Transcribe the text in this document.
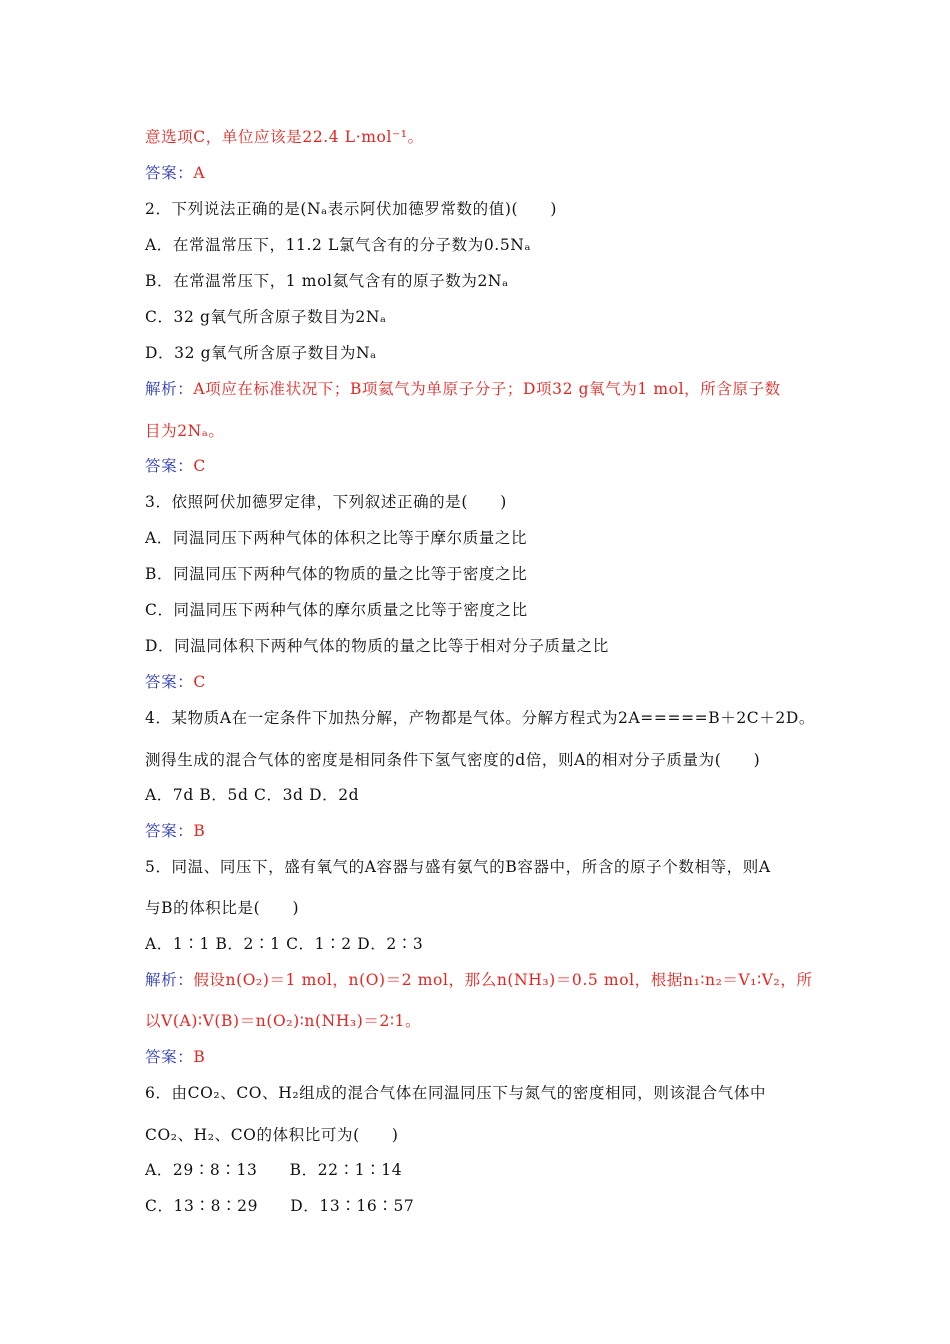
意选项C，单位应该是22.4 L·mol⁻¹。
答案：A
2．下列说法正确的是(Nₐ表示阿伏加德罗常数的值)(　　)
A．在常温常压下，11.2 L氯气含有的分子数为0.5Nₐ
B．在常温常压下，1 mol氦气含有的原子数为2Nₐ
C．32 g氧气所含原子数目为2Nₐ
D．32 g氧气所含原子数目为Nₐ
解析：A项应在标准状况下；B项氦气为单原子分子；D项32 g氧气为1 mol，所含原子数
目为2Nₐ。
答案：C
3．依照阿伏加德罗定律，下列叙述正确的是(　　)
A．同温同压下两种气体的体积之比等于摩尔质量之比
B．同温同压下两种气体的物质的量之比等于密度之比
C．同温同压下两种气体的摩尔质量之比等于密度之比
D．同温同体积下两种气体的物质的量之比等于相对分子质量之比
答案：C
4．某物质A在一定条件下加热分解，产物都是气体。分解方程式为2A=====B＋2C＋2D。
测得生成的混合气体的密度是相同条件下氢气密度的d倍，则A的相对分子质量为(　　)
A．7d B．5d C．3d D．2d
答案：B
5．同温、同压下，盛有氧气的A容器与盛有氨气的B容器中，所含的原子个数相等，则A
与B的体积比是(　　)
A．1∶1 B．2∶1 C．1∶2 D．2∶3
解析：假设n(O₂)＝1 mol，n(O)＝2 mol，那么n(NH₃)＝0.5 mol，根据n₁∶n₂＝V₁∶V₂，所
以V(A)∶V(B)＝n(O₂)∶n(NH₃)＝2∶1。
答案：B
6．由CO₂、CO、H₂组成的混合气体在同温同压下与氮气的密度相同，则该混合气体中
CO₂、H₂、CO的体积比可为(　　)
A．29∶8∶13　　B．22∶1∶14
C．13∶8∶29　　D．13∶16∶57
